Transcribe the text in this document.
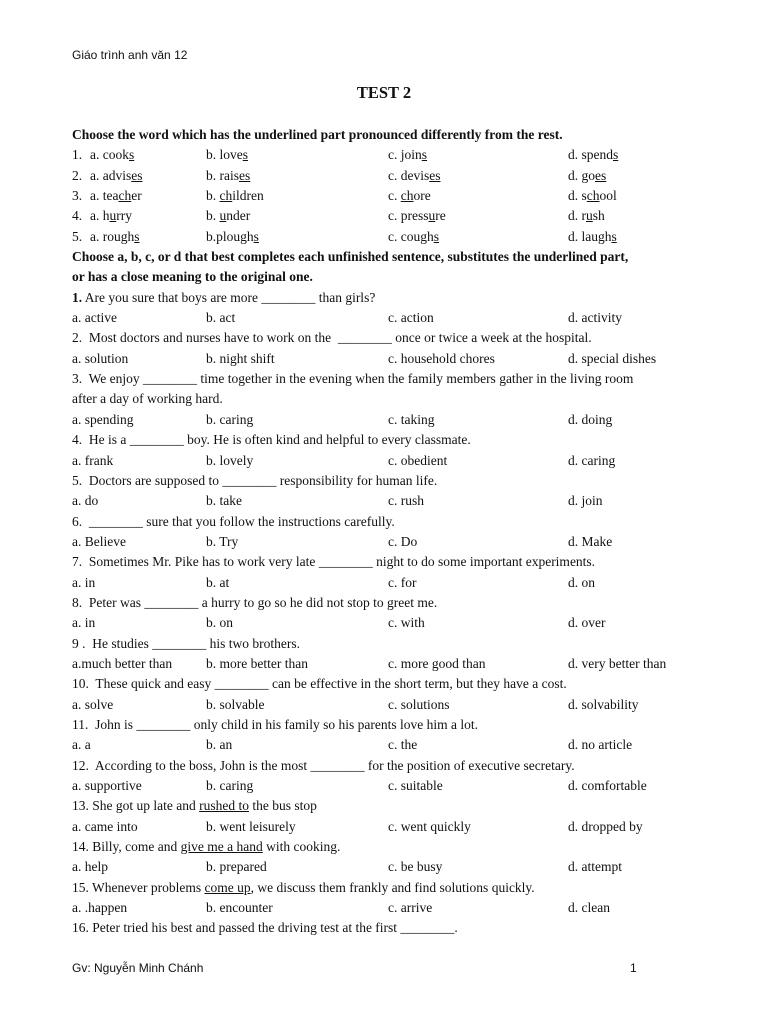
Giáo trình anh văn 12
TEST 2
Choose the word which has the underlined part pronounced differently from the rest.
1. a. cooks	b. loves	c. joins	d. spends
2. a. advises	b. raises	c. devises	d. goes
3. a. teacher	b. children	c. chore	d. school
4. a. hurry	b. under	c. pressure	d. rush
5. a. roughs	b.ploughs	c. coughs	d. laughs
Choose a, b, c, or d that best completes each unfinished sentence, substitutes the underlined part,
or has a close meaning to the original one.
1. Are you sure that boys are more ________ than girls?
a. active	b. act	c. action	d. activity
2.  Most doctors and nurses have to work on the  ________ once or twice a week at the hospital.
a. solution	b. night shift	c. household chores	d. special dishes
3.  We enjoy ________ time together in the evening when the family members gather in the living room
after a day of working hard.
a. spending	b. caring	c. taking	d. doing
4.  He is a ________ boy. He is often kind and helpful to every classmate.
a. frank	b. lovely	c. obedient	d. caring
5.  Doctors are supposed to ________ responsibility for human life.
a. do	b. take	c. rush	d. join
6.  ________ sure that you follow the instructions carefully.
a. Believe	b. Try	c. Do	d. Make
7.  Sometimes Mr. Pike has to work very late ________ night to do some important experiments.
a. in	b. at	c. for	d. on
8.  Peter was ________ a hurry to go so he did not stop to greet me.
a. in	b. on	c. with	d. over
9 .  He studies ________ his two brothers.
a.much better than	b. more better than	c. more good than	d. very better than
10.  These quick and easy ________ can be effective in the short term, but they have a cost.
a. solve	b. solvable	c. solutions	d. solvability
11.  John is ________ only child in his family so his parents love him a lot.
a. a	b. an	c. the	d. no article
12.  According to the boss, John is the most ________ for the position of executive secretary.
a. supportive	b. caring	c. suitable	d. comfortable
13. She got up late and rushed to the bus stop
a. came into	b. went leisurely	c. went quickly	d. dropped by
14. Billy, come and give me a hand with cooking.
a. help	b. prepared	c. be busy	d. attempt
15. Whenever problems come up, we discuss them frankly and find solutions quickly.
a. .happen	b. encounter	c. arrive	d. clean
16. Peter tried his best and passed the driving test at the first ________.
Gv: Nguyễn Minh Chánh	1
